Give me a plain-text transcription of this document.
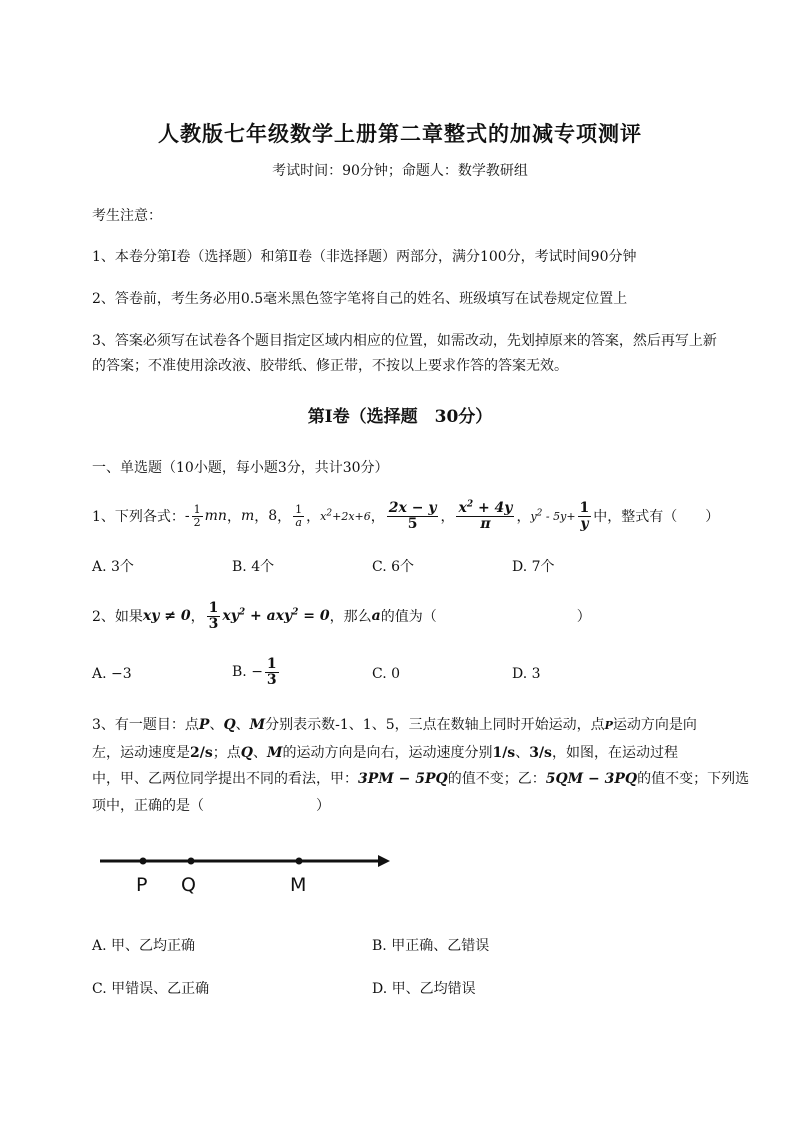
人教版七年级数学上册第二章整式的加减专项测评
考试时间：90分钟；命题人：数学教研组
考生注意：
1、本卷分第I卷（选择题）和第Ⅱ卷（非选择题）两部分，满分100分，考试时间90分钟
2、答卷前，考生务必用0.5毫米黑色签字笔将自己的姓名、班级填写在试卷规定位置上
3、答案必须写在试卷各个题目指定区域内相应的位置，如需改动，先划掉原来的答案，然后再写上新
的答案；不准使用涂改液、胶带纸、修正带，不按以上要求作答的答案无效。
第I卷（选择题　30分）
一、单选题（10小题，每小题3分，共计30分）
1、下列各式： - $\frac{1}{2}$ mn ， m ， 8 ， $\frac{1}{a}$ ， $x^2+2x+6$ ， $\frac{2x - y}{5}$ ， $\frac{x^2 + 4y}{\pi}$ ， $y^2 - 5y+ \frac{1}{y}$ 中，整式有（　　）
A. 3个	B. 4个	C. 6个	D. 7个
2、如果 xy ≠ 0 ， $\frac{1}{3} xy^2 + axy^2 = 0$ ，那么 a 的值为（　　　　　　　　　　）
A. −3	B. − $\frac{1}{3}$	C. 0	D. 3
3、有一题目：点P、Q、M分别表示数-1、1、5，三点在数轴上同时开始运动，点P运动方向是向
左，运动速度是2/s；点Q、M的运动方向是向右，运动速度分别1/s、3/s，如图，在运动过程
中，甲、乙两位同学提出不同的看法，甲：3PM − 5PQ的值不变；乙：5QM − 3PQ的值不变；下列选
项中，正确的是（　　　　　　　　）
P Q	M
A. 甲、乙均正确	B. 甲正确、乙错误
C. 甲错误、乙正确	D. 甲、乙均错误
